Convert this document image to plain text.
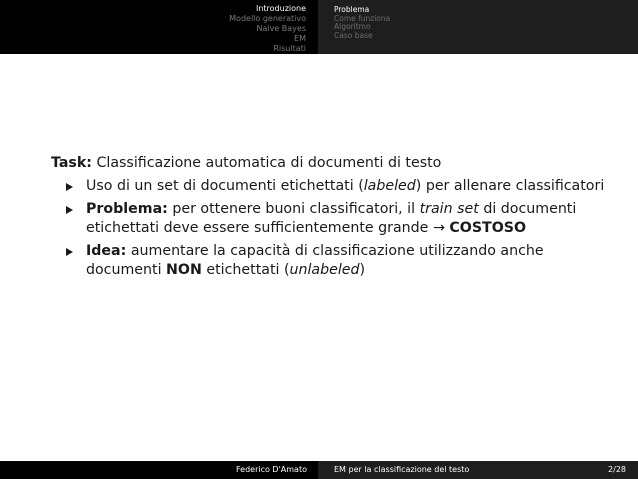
Introduzione
Modello generativo
Naive Bayes
EM
Risultati
Problema
Come funziona
Algoritmo
Caso base
Task: Classificazione automatica di documenti di testo
Uso di un set di documenti etichettati (labeled) per allenare classificatori
Problema: per ottenere buoni classificatori, il train set di documenti etichettati deve essere sufficientemente grande → COSTOSO
Idea: aumentare la capacità di classificazione utilizzando anche documenti NON etichettati (unlabeled)
Federico D'Amato	EM per la classificazione del testo	2/28
